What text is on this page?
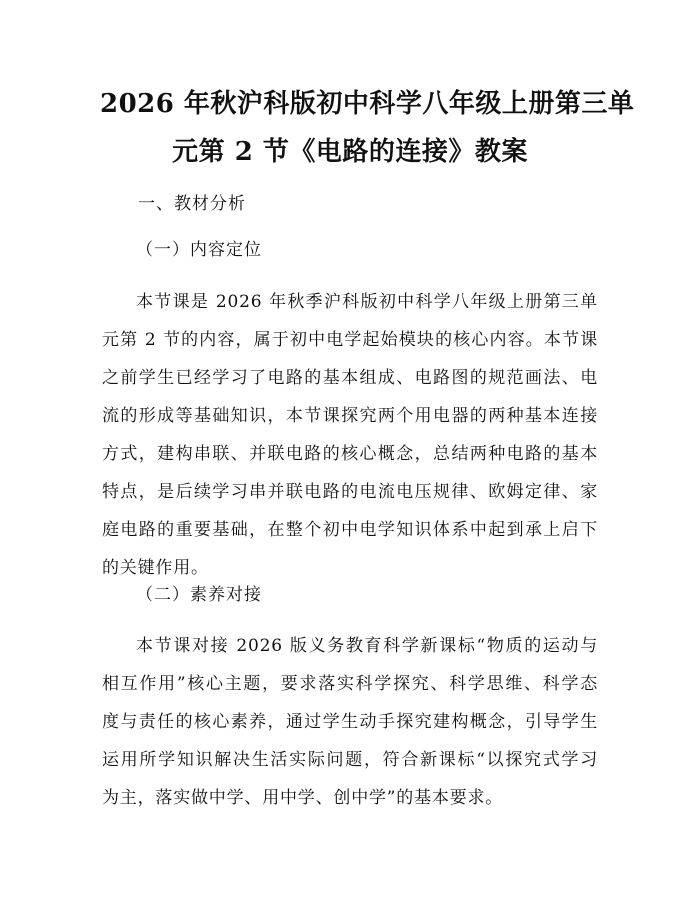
2026 年秋沪科版初中科学八年级上册第三单
元第 2 节《电路的连接》教案
一、教材分析
（一）内容定位
本节课是 2026 年秋季沪科版初中科学八年级上册第三单
元第 2 节的内容，属于初中电学起始模块的核心内容。本节课
之前学生已经学习了电路的基本组成、电路图的规范画法、电
流的形成等基础知识，本节课探究两个用电器的两种基本连接
方式，建构串联、并联电路的核心概念，总结两种电路的基本
特点，是后续学习串并联电路的电流电压规律、欧姆定律、家
庭电路的重要基础，在整个初中电学知识体系中起到承上启下
的关键作用。
（二）素养对接
本节课对接 2026 版义务教育科学新课标“物质的运动与
相互作用”核心主题，要求落实科学探究、科学思维、科学态
度与责任的核心素养，通过学生动手探究建构概念，引导学生
运用所学知识解决生活实际问题，符合新课标“以探究式学习
为主，落实做中学、用中学、创中学”的基本要求。
